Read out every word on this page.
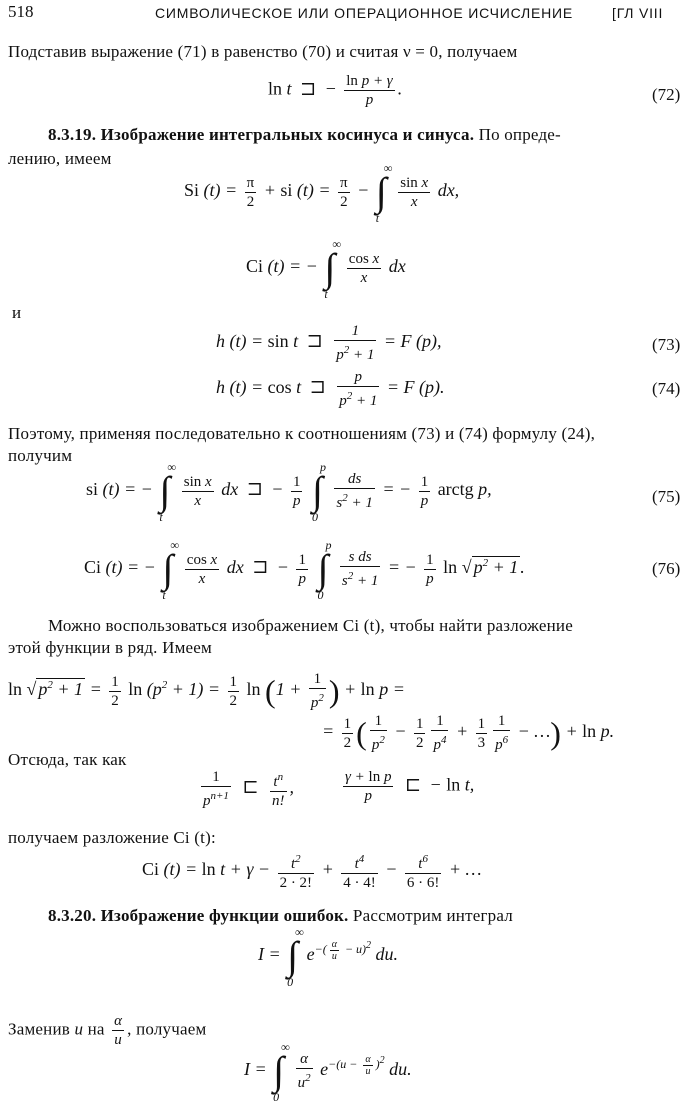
518	СИМВОЛИЧЕСКОЕ ИЛИ ОПЕРАЦИОННОЕ ИСЧИСЛЕНИЕ	[ГЛ VIII
Подставив выражение (71) в равенство (70) и считая ν = 0, получаем
ln t ⊐ − $\frac{\text{ln p + γ}}{p}$ .	(72)
8.3.19. Изображение интегральных косинуса и синуса. По опреде-
лению, имеем
Si $(t) = \frac{\pi}{2}$ + si $(t) = \frac{\pi}{2}$ − ∫
∞
t

$\frac{\text{sin x}}{x}$ dx,
Ci (t) = − ∫
∞
t

$\frac{\text{cos x}}{x}$ dx
и
h (t) = sin t ⊐ $\frac{1}{p^2 + 1} = F$ (p),	(73)
h (t) = cos t ⊐ $\frac{p}{p^2 + 1} = F$ (p).	(74)
Поэтому, применяя последовательно к соотношениям (73) и (74) формулу (24),
получим
si (t) = − ∫
∞
t

$\frac{\text{sin x}}{x}$ dx ⊐ − $\frac{1}{p}$ ∫
p
0

$\frac{ds}{s^2 + 1}$ = − $\frac{1}{p}$ arctg p,	(75)
Ci (t) = − ∫
∞
t

$\frac{\text{cos x}}{x}$ dx ⊐ − $\frac{1}{p}$ ∫
p
0

$\frac{\text{s ds}}{s^2 + 1}$ = − $\frac{1}{p}$ ln √ $p^2 + 1$ .	(76)
Можно воспользоваться изображением Ci (t), чтобы найти разложение
этой функции в ряд. Имеем
ln √ $p^2 + 1 = \frac{1}{2}$ $\ln (p^2 + 1) = \frac{1}{2}$ $\ln (1 + \frac{1}{p^2}$ ) + ln p =
= $\frac{1}{2}$ ( $\frac{1}{p^2} - \frac{1}{2} \frac{1}{p^4} + \frac{1}{3} \frac{1}{p^6}$ − …) + ln p.
Отсюда, так как
$\frac{1}{p^{n+1}}$ ⊏ $\frac{t^n}{n!}$ ,	$\frac{\text{γ + ln p}}{p}$ ⊏ − ln t,
получаем разложение Ci (t):
Ci $(t) = \ln t + \gamma - \frac{t^2}{2 \cdot 2!} + \frac{t^4}{4 \cdot 4!} - \frac{t^6}{6 \cdot 6!}$ + …
8.3.20. Изображение функции ошибок. Рассмотрим интеграл
I = ∫
∞
0
$e^{-( \frac{\alpha}{u} - u)^2}$ du.
Заменив u на $\frac{\alpha}{u}$ , получаем
I = ∫
∞
0

$\frac{\alpha}{u^2} e^{-(u - \frac{\alpha}{u} )^2}$ du.
